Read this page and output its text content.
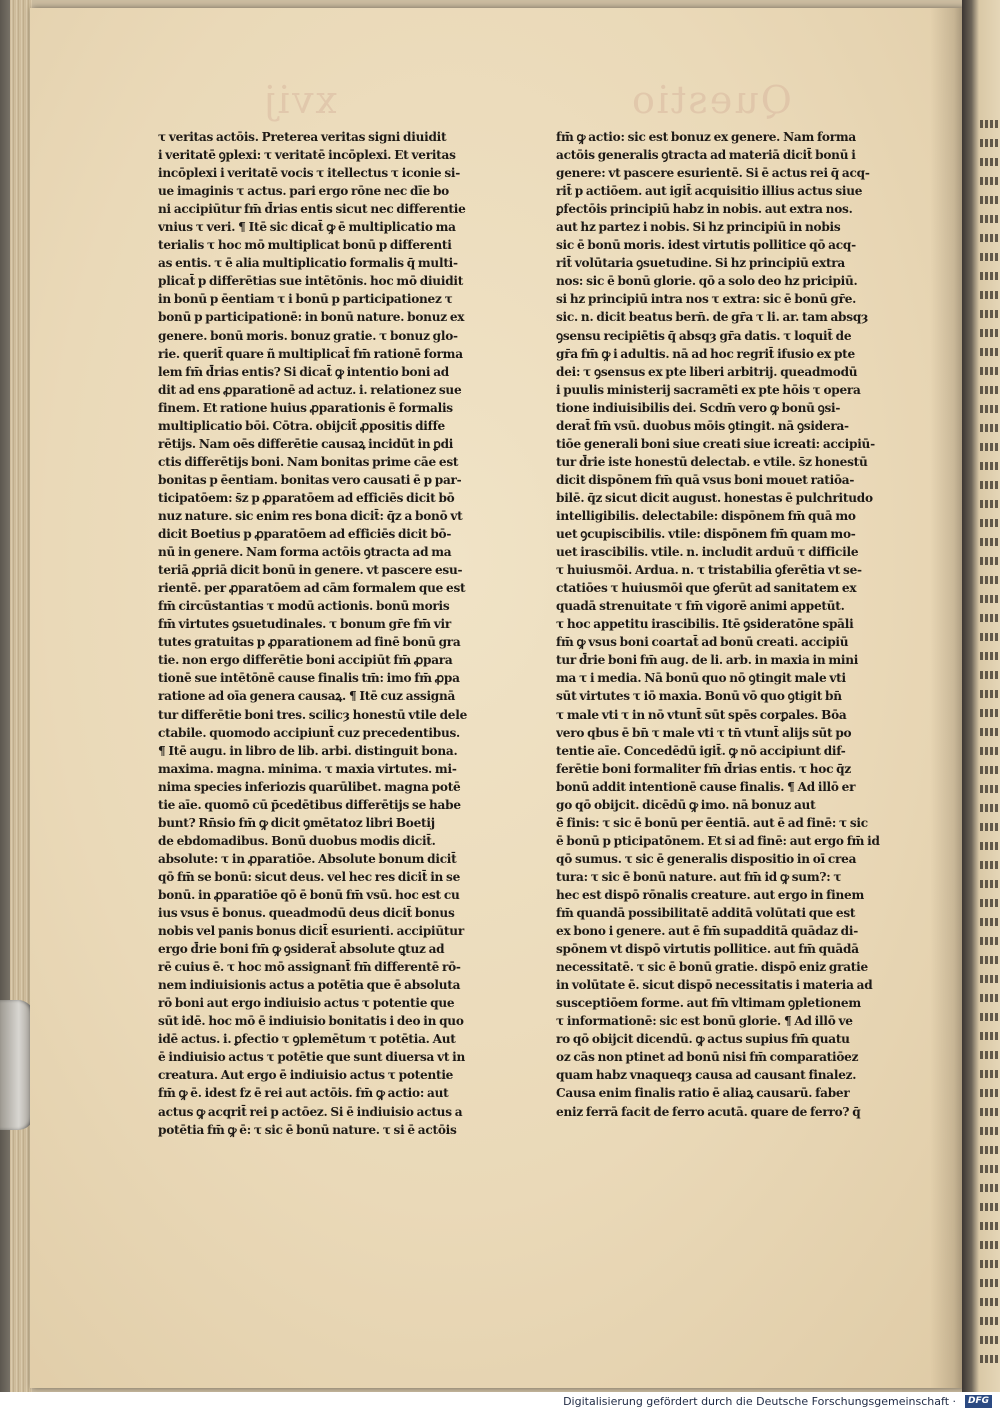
xvij	Questio
τ veritas actōis. Preterea veritas signi diuidit
i veritatē ꝯplexi: τ veritatē incōplexi. Et veritas
incōplexi i veritatē vocis τ itellectus τ iconie si-
ue imaginis τ actus. pari ergo rōne nec dīe bo
ni accipiūtur fm̄ d̄rias entis sicut nec differentie
vnius τ veri. ¶ Itē sic dicat̄ ꝙ ē multiplicatio ma
terialis τ hoc mō multiplicat bonū p differenti
as entis. τ ē alia multiplicatio formalis q̄ multi-
plicat̄ p differētias sue intētōnis. hoc mō diuidit
in bonū p ēentiam τ i bonū p participationez τ
bonū p participationē: in bonū nature. bonuz ex
genere. bonū moris. bonuz gratie. τ bonuz glo-
rie. querit̄ quare ñ multiplicat̄ fm̄ rationē forma
lem fm̄ d̄rias entis? Si dicat̄ ꝙ intentio boni ad
dit ad ens ꝓparationē ad actuz. i. relationez sue
finem. Et ratione huius ꝓparationis ē formalis
multiplicatio bōi. Cōtra. obijcit̄ ꝓpositis diffe
rētijs. Nam oēs differētie causaꝝ incidūt in ꝑdi
ctis differētijs boni. Nam bonitas prime cāe est
bonitas p ēentiam. bonitas vero causati ē p par-
ticipatōem: s̄z p ꝓparatōem ad efficiēs dicit bō
nuz nature. sic enim res bona dicit̄: q̄z a bonō vt
dicit Boetius p ꝓparatōem ad efficiēs dicit bō-
nū in genere. Nam forma actōis ꝯtracta ad ma
teriā ꝓpriā dicit bonū in genere. vt pascere esu-
rientē. per ꝓparatōem ad cām formalem que est
fm̄ circūstantias τ modū actionis. bonū moris
fm̄ virtutes ꝯsuetudinales. τ bonum gr̄e fm̄ vir
tutes gratuitas p ꝓparationem ad finē bonū gra
tie. non ergo differētie boni accipiūt fm̄ ꝓpara
tionē sue intētōnē cause finalis tm̄: imo fm̄ ꝓpa
ratione ad oīa genera causaꝝ. ¶ Itē cuz assignā
tur differētie boni tres. scilicȝ honestū vtile dele
ctabile. quomodo accipiunt̄ cuz precedentibus.
¶ Itē augu. in libro de lib. arbi. distinguit bona.
maxima. magna. minima. τ maxia virtutes. mi-
nima species inferiozis quarūlibet. magna potē
tie aīe. quomō cū p̄cedētibus differētijs se habe
bunt? Rn̄sio fm̄ ꝙ dicit ꝯmētatoz libri Boetij
de ebdomadibus. Bonū duobus modis dicit̄.
absolute: τ in ꝓparatiōe. Absolute bonum dicit̄
qō fm̄ se bonū: sicut deus. vel hec res dicit̄ in se
bonū. in ꝓparatiōe qō ē bonū fm̄ vsū. hoc est cu
ius vsus ē bonus. queadmodū deus dicit̄ bonus
nobis vel panis bonus dicit̄ esurienti. accipiūtur
ergo d̄rie boni fm̄ ꝙ ꝯsiderat̄ absolute ꝗtuz ad
rē cuius ē. τ hoc mō assignant̄ fm̄ differentē rō-
nem indiuisionis actus a potētia que ē absoluta
rō boni aut ergo indiuisio actus τ potentie que
sūt idē. hoc mō ē indiuisio bonitatis i deo in quo
idē actus. i. ꝑfectio τ ꝯplemētum τ potētia. Aut
ē indiuisio actus τ potētie que sunt diuersa vt in
creatura. Aut ergo ē indiuisio actus τ potentie
fm̄ ꝙ ē. idest fz ē rei aut actōis. fm̄ ꝙ actio: aut
actus ꝙ acqrit̄ rei p actōez. Si ē indiuisio actus a
potētia fm̄ ꝙ ē: τ sic ē bonū nature. τ si ē actōis
fm̄ ꝙ actio: sic est bonuz ex genere. Nam forma
actōis generalis ꝯtracta ad materiā dicit̄ bonū i
genere: vt pascere esurientē. Si ē actus rei q̄ acq-
rit̄ p actiōem. aut igit̄ acquisitio illius actus siue
ꝑfectōis principiū habz in nobis. aut extra nos.
aut hz partez i nobis. Si hz principiū in nobis
sic ē bonū moris. idest virtutis pollitice qō acq-
rit̄ volūtaria ꝯsuetudine. Si hz principiū extra
nos: sic ē bonū glorie. qō a solo deo hz pricipiū.
si hz principiū intra nos τ extra: sic ē bonū gr̄e.
sic. n. dicit beatus bern̄. de gr̄a τ li. ar. tam absqȝ
ꝯsensu recipiētis q̄ absqȝ gr̄a datis. τ loquit̄ de
gr̄a fm̄ ꝙ i adultis. nā ad hoc regrit̄ ifusio ex pte
dei: τ ꝯsensus ex pte liberi arbitrij. queadmodū
i puulis ministerij sacramēti ex pte hōis τ opera
tione indiuisibilis dei. Scdm̄ vero ꝙ bonū ꝯsi-
derat̄ fm̄ vsū. duobus mōis ꝯtingit. nā ꝯsidera-
tiōe generali boni siue creati siue icreati: accipiū-
tur d̄rie iste honestū delectab. e vtile. s̄z honestū
dicit dispōnem fm̄ quā vsus boni mouet ratiōa-
bilē. q̄z sicut dicit august. honestas ē pulchritudo
intelligibilis. delectabile: dispōnem fm̄ quā mo
uet ꝯcupiscibilis. vtile: dispōnem fm̄ quam mo-
uet irascibilis. vtile. n. includit arduū τ difficile
τ huiusmōi. Ardua. n. τ tristabilia ꝯferētia vt se-
ctatiōes τ huiusmōi que ꝯferūt ad sanitatem ex
quadā strenuitate τ fm̄ vigorē animi appetūt.
τ hoc appetitu irascibilis. Itē ꝯsideratōne spāli
fm̄ ꝙ vsus boni coartat̄ ad bonū creati. accipiū
tur d̄rie boni fm̄ aug. de li. arb. in maxia in mini
ma τ i media. Nā bonū quo nō ꝯtingit male vti
sūt virtutes τ iō maxia. Bonū vō quo ꝯtigit bn̄
τ male vti τ in nō vtunt̄ sūt spēs corꝑales. Bōa
vero qbus ē bn̄ τ male vti τ tn̄ vtunt̄ alijs sūt po
tentie aīe. Concedēdū igit̄. ꝙ nō accipiunt dif-
ferētie boni formaliter fm̄ d̄rias entis. τ hoc q̄z
bonū addit intentionē cause finalis. ¶ Ad illō er
go qō obijcit. dicēdū ꝙ imo. nā bonuz aut
ē̄ finis: τ sic ē bonū per ēentiā. aut ē ad finē: τ sic
ē bonū p pticipatōnem. Et si ad finē: aut ergo fm̄ id
qō sumus. τ sic ē generalis dispositio in oī crea
tura: τ sic ē bonū nature. aut fm̄ id ꝙ sum?: τ
hec est dispō rōnalis creature. aut ergo in finem
fm̄ quandā possibilitatē additā volūtati que est
ex bono i genere. aut ē fm̄ supadditā quādaz di-
spōnem vt dispō virtutis pollitice. aut fm̄ quādā
necessitatē. τ sic ē bonū gratie. dispō eniz gratie
in volūtate ē. sicut dispō necessitatis i materia ad
susceptiōem forme. aut fm̄ vltimam ꝯpletionem
τ informationē: sic est bonū glorie. ¶ Ad illō ve
ro qō obijcit dicendū. ꝙ actus supius fm̄ quatu
oz cās non ptinet ad bonū nisi fm̄ comparatiōez
quam habz vnaqueqȝ causa ad causant finalez.
Causa enim finalis ratio ē aliaꝝ causarū. faber
eniz ferrā facit de ferro acutā. quare de ferro? q̄
Digitalisierung gefördert durch die Deutsche Forschungsgemeinschaft ·	DFG
